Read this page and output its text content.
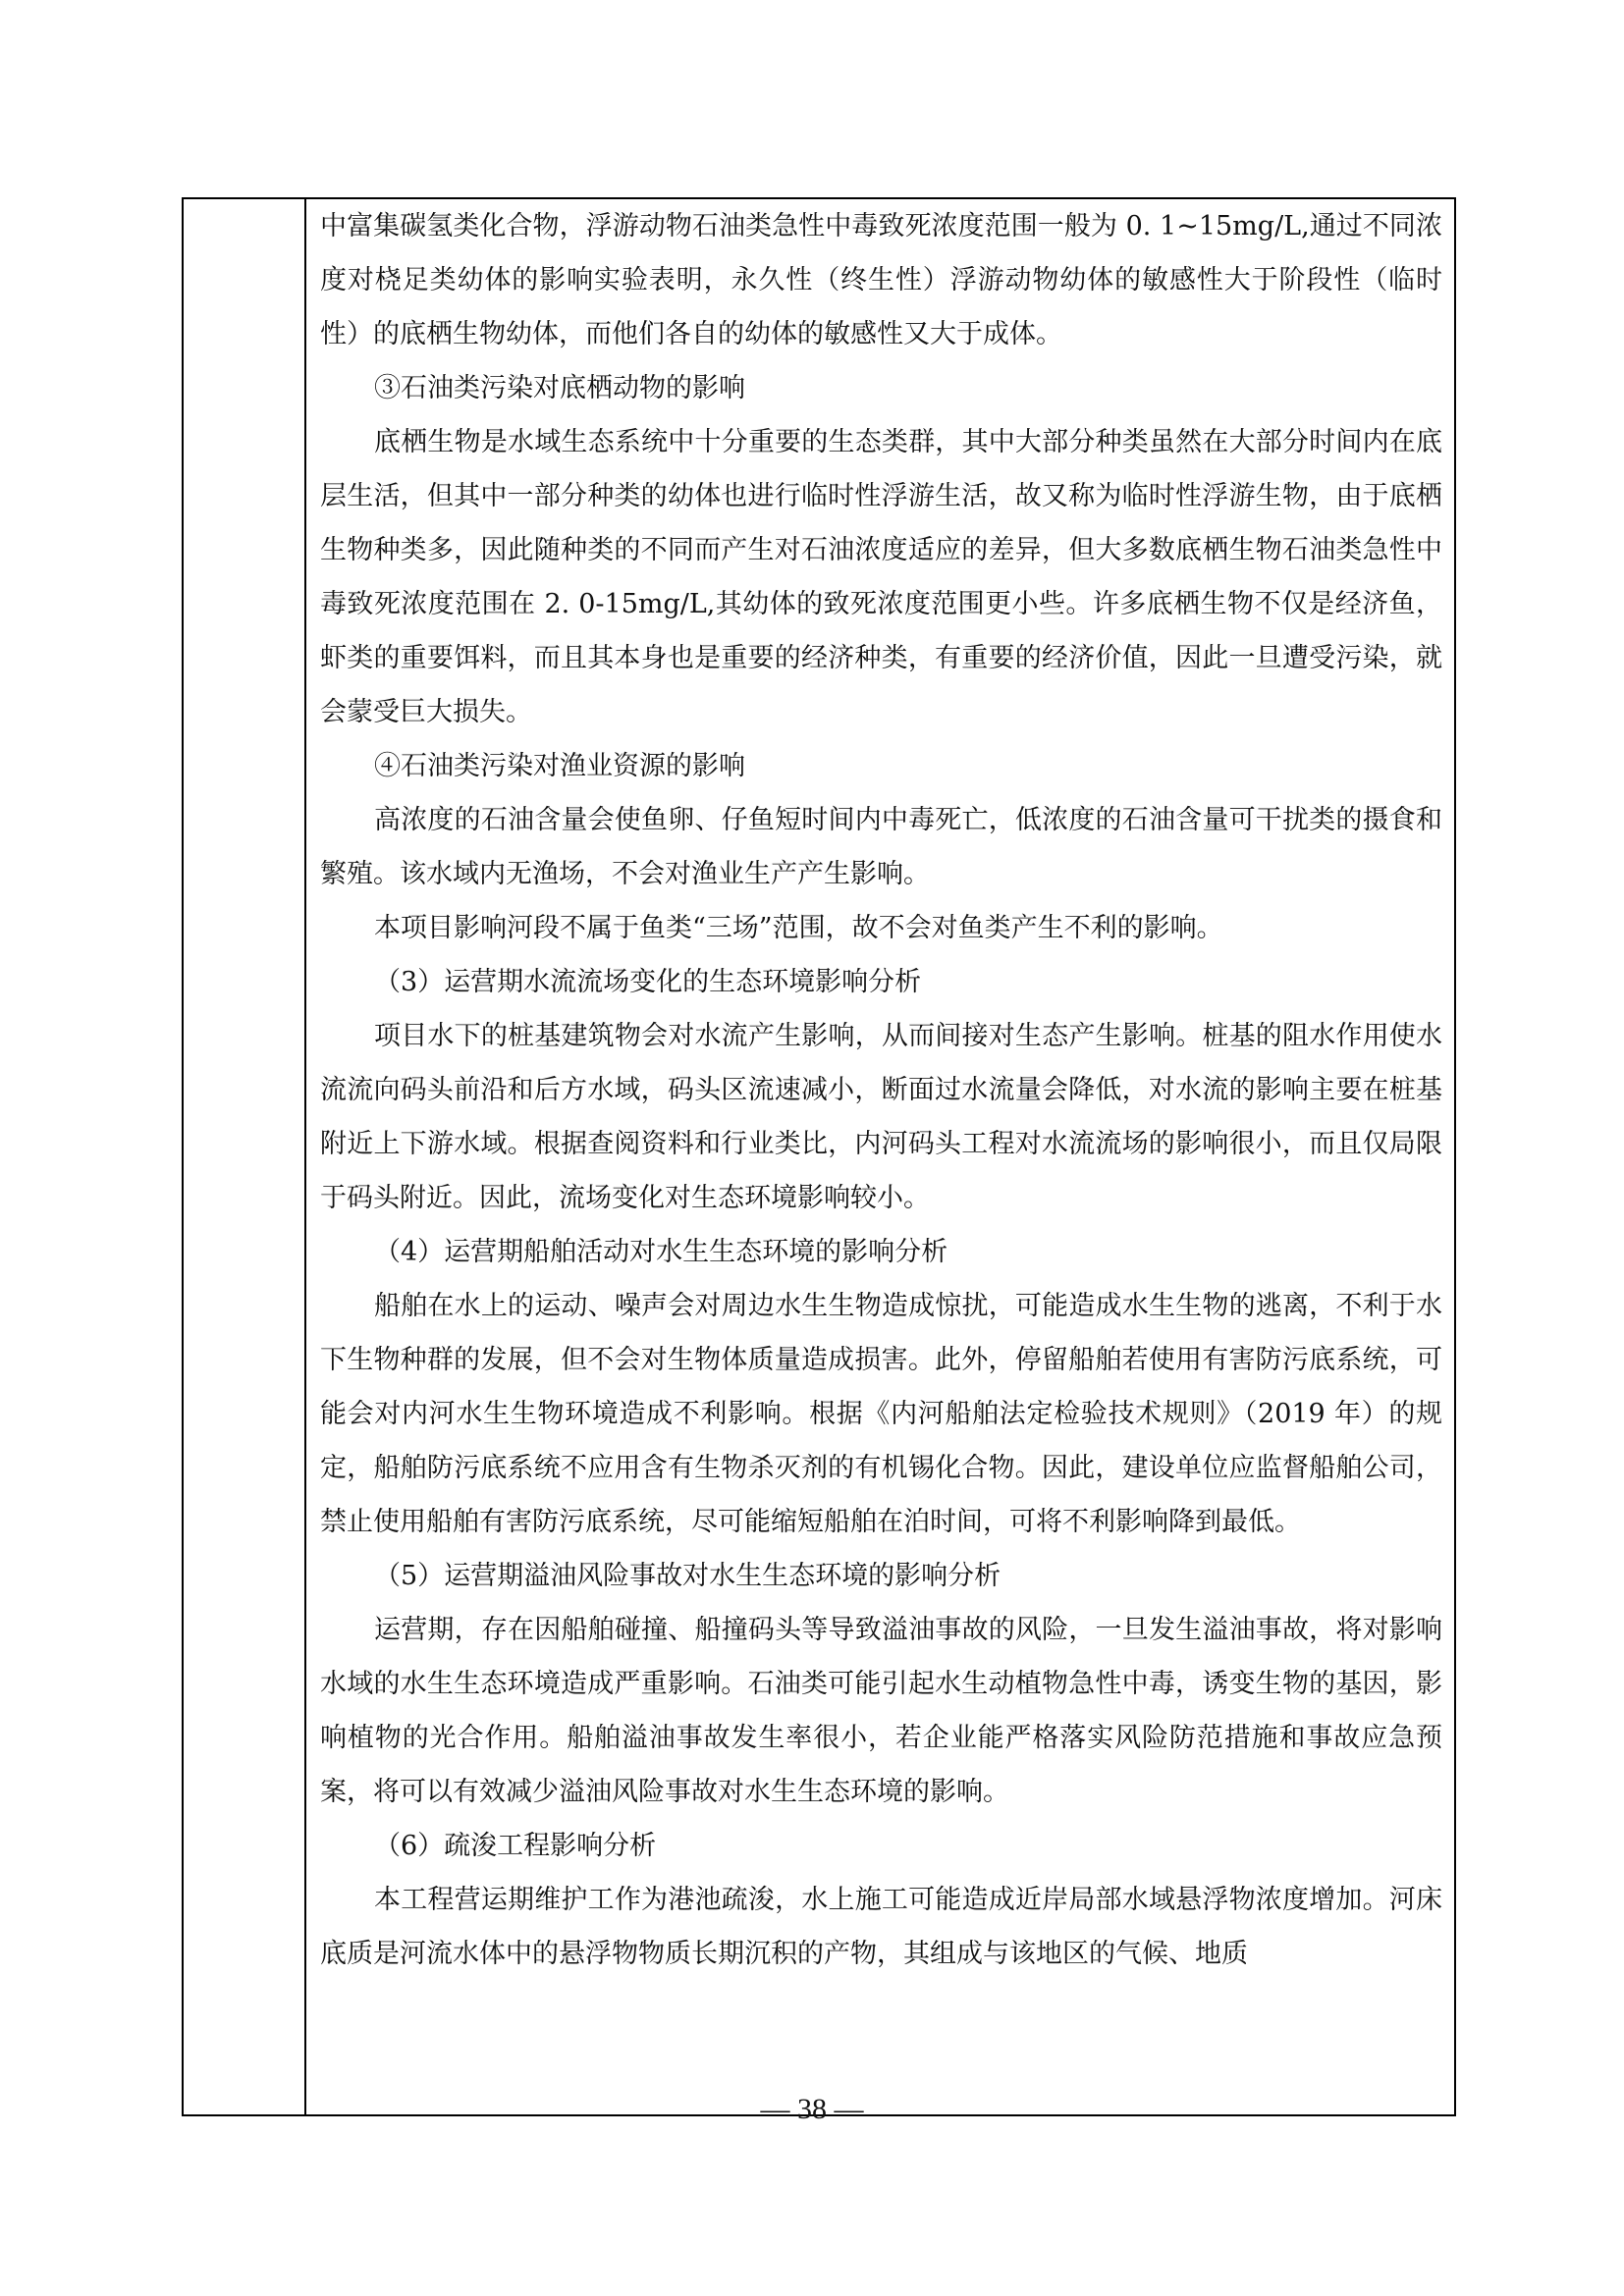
中富集碳氢类化合物，浮游动物石油类急性中毒致死浓度范围一般为 0. 1~15mg/L,通过不同浓度对桡足类幼体的影响实验表明，永久性（终生性）浮游动物幼体的敏感性大于阶段性（临时性）的底栖生物幼体，而他们各自的幼体的敏感性又大于成体。

③石油类污染对底栖动物的影响

底栖生物是水域生态系统中十分重要的生态类群，其中大部分种类虽然在大部分时间内在底层生活，但其中一部分种类的幼体也进行临时性浮游生活，故又称为临时性浮游生物，由于底栖生物种类多，因此随种类的不同而产生对石油浓度适应的差异，但大多数底栖生物石油类急性中毒致死浓度范围在 2. 0-15mg/L,其幼体的致死浓度范围更小些。许多底栖生物不仅是经济鱼，虾类的重要饵料，而且其本身也是重要的经济种类，有重要的经济价值，因此一旦遭受污染，就会蒙受巨大损失。

④石油类污染对渔业资源的影响

高浓度的石油含量会使鱼卵、仔鱼短时间内中毒死亡，低浓度的石油含量可干扰类的摄食和繁殖。该水域内无渔场，不会对渔业生产产生影响。

本项目影响河段不属于鱼类“三场”范围，故不会对鱼类产生不利的影响。

（3）运营期水流流场变化的生态环境影响分析

项目水下的桩基建筑物会对水流产生影响，从而间接对生态产生影响。桩基的阻水作用使水流流向码头前沿和后方水域，码头区流速减小，断面过水流量会降低，对水流的影响主要在桩基附近上下游水域。根据查阅资料和行业类比，内河码头工程对水流流场的影响很小，而且仅局限于码头附近。因此，流场变化对生态环境影响较小。

（4）运营期船舶活动对水生生态环境的影响分析

船舶在水上的运动、噪声会对周边水生生物造成惊扰，可能造成水生生物的逃离，不利于水下生物种群的发展，但不会对生物体质量造成损害。此外，停留船舶若使用有害防污底系统，可能会对内河水生生物环境造成不利影响。根据《内河船舶法定检验技术规则》（2019 年）的规定，船舶防污底系统不应用含有生物杀灭剂的有机锡化合物。因此，建设单位应监督船舶公司，禁止使用船舶有害防污底系统，尽可能缩短船舶在泊时间，可将不利影响降到最低。

（5）运营期溢油风险事故对水生生态环境的影响分析

运营期，存在因船舶碰撞、船撞码头等导致溢油事故的风险，一旦发生溢油事故，将对影响水域的水生生态环境造成严重影响。石油类可能引起水生动植物急性中毒，诱变生物的基因，影响植物的光合作用。船舶溢油事故发生率很小，若企业能严格落实风险防范措施和事故应急预案，将可以有效减少溢油风险事故对水生生态环境的影响。

（6）疏浚工程影响分析

本工程营运期维护工作为港池疏浚，水上施工可能造成近岸局部水域悬浮物浓度增加。河床底质是河流水体中的悬浮物物质长期沉积的产物，其组成与该地区的气候、地质

— 38 —
